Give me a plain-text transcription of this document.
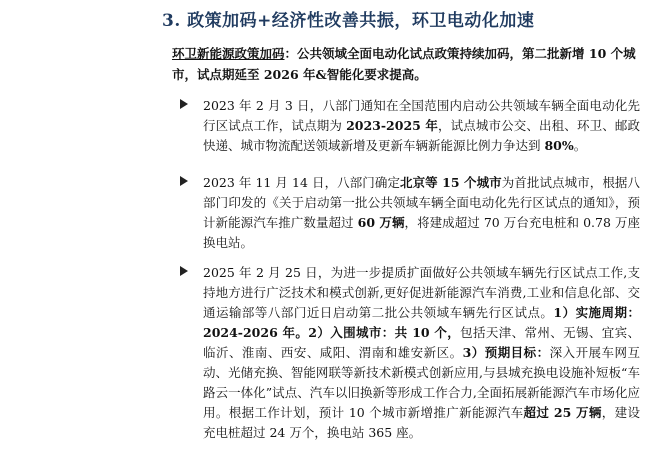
3. 政策加码+经济性改善共振，环卫电动化加速
环卫新能源政策加码：公共领域全面电动化试点政策持续加码，第二批新增 10 个城市，试点期延至 2026 年&智能化要求提高。
2023 年 2 月 3 日，八部门通知在全国范围内启动公共领域车辆全面电动化先行区试点工作，试点期为 2023-2025 年，试点城市公交、出租、环卫、邮政快递、城市物流配送领域新增及更新车辆新能源比例力争达到 80%。
2023 年 11 月 14 日，八部门确定北京等 15 个城市为首批试点城市，根据八部门印发的《关于启动第一批公共领域车辆全面电动化先行区试点的通知》，预计新能源汽车推广数量超过 60 万辆，将建成超过 70 万台充电桩和 0.78 万座换电站。
2025 年 2 月 25 日，为进一步提质扩面做好公共领域车辆先行区试点工作,支持地方进行广泛技术和模式创新,更好促进新能源汽车消费,工业和信息化部、交通运输部等八部门近日启动第二批公共领域车辆先行区试点。1）实施周期：2024-2026 年。2）入围城市：共 10 个，包括天津、常州、无锡、宜宾、临沂、淮南、西安、咸阳、渭南和雄安新区。3）预期目标：深入开展车网互动、光储充换、智能网联等新技术新模式创新应用,与县城充换电设施补短板“车路云一体化”试点、汽车以旧换新等形成工作合力,全面拓展新能源汽车市场化应用。根据工作计划，预计 10 个城市新增推广新能源汽车超过 25 万辆，建设充电桩超过 24 万个，换电站 365 座。
